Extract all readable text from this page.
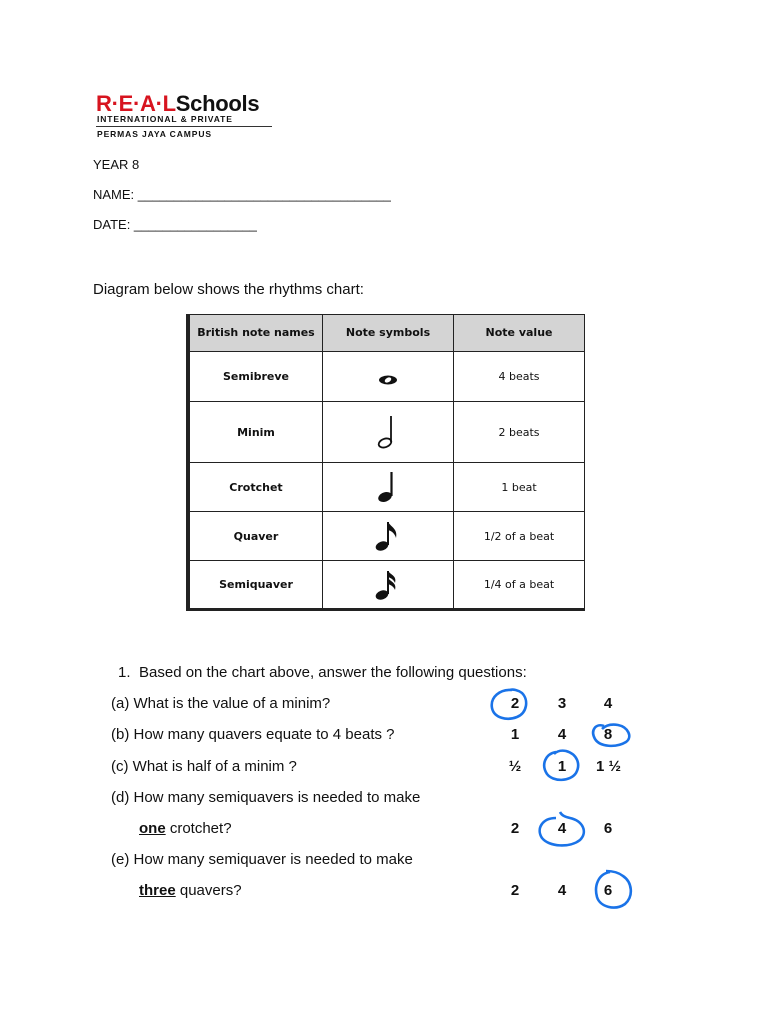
R·E·A·LSchools
INTERNATIONAL & PRIVATE
PERMAS JAYA CAMPUS
YEAR 8
NAME: ___________________________________
DATE: _________________
Diagram below shows the rhythms chart:
British note names	Note symbols	Note value
Semibreve		4 beats
Minim		2 beats
Crotchet		1 beat
Quaver		1/2 of a beat
Semiquaver		1/4 of a beat
1. Based on the chart above, answer the following questions:
(a) What is the value of a minim?	2	3	4
(b) How many quavers equate to 4 beats ?	1	4	8
(c) What is half of a minim ?	½	1	1 ½
(d) How many semiquavers is needed to make
one crotchet?	2	4	6
(e) How many semiquaver is needed to make
three quavers?	2	4	6
